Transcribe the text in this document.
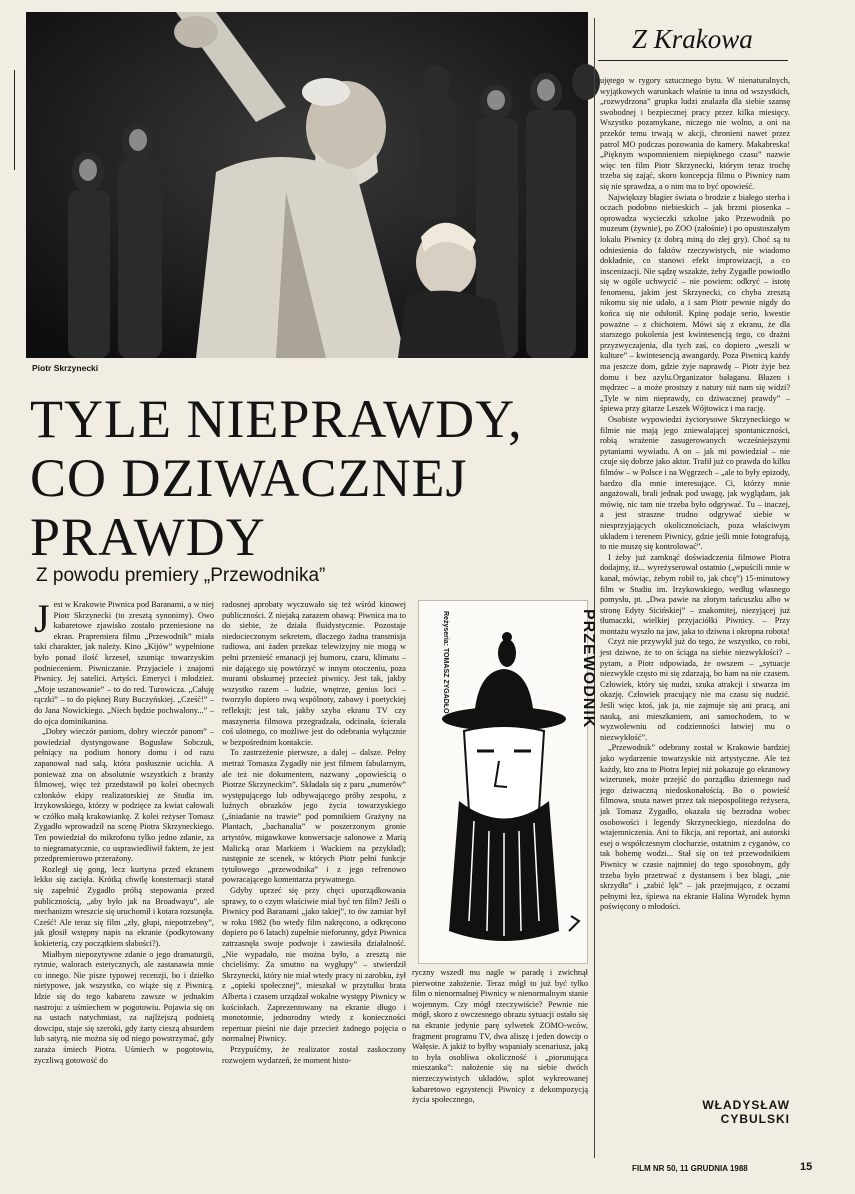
Piotr Skrzynecki
Z Krakowa
TYLE NIEPRAWDY,
CO DZIWACZNEJ
PRAWDY
Z powodu premiery „Przewodnika”

Jest w Krakowie Piwnica pod Baranami, a w niej Piotr Skrzynecki (to zresztą synonimy). Owo kabaretowe zjawisko zostało przeniesione na ekran. Prapremiera filmu „Przewodnik” miała taki charakter, jak należy. Kino „Kijów” wypełnione było ponad ilość krzeseł, szumiąc towarzyskim podnieceniem. Piwniczanie. Przyjaciele i znajomi Piwnicy. Jej satelici. Artyści. Emeryci i młodzież. „Moje uszanowanie” – to do red. Turowicza. „Całuję rączki” – to do pięknej Ruty Buczyńskiej. „Cześć!” – do Jana Nowickiego. „Niech będzie pochwalony...” – do ojca dominikanina.

„Dobry wieczór paniom, dobry wieczór panom” – powiedział dystyngowane Bogusław Sobczuk, pełniący na podium honory domu i od razu zapanował nad salą, która posłusznie ucichła. A ponieważ zna on absolutnie wszystkich z branży filmowej, więc też przedstawił po kolei obecnych członków ekipy realizatorskiej ze Studia im. Irzykowskiego, którzy w podzięce za kwiat całowali w czółko małą krakowiankę. Z kolei reżyser Tomasz Zygadło wprowadził na scenę Piotra Skrzyneckiego. Ten powiedział do mikrofonu tylko jedno zdanie, za to niegramatycznie, co usprawiedliwił faktem, że jest przedpremierowo przerażony.

Rozległ się gong, lecz kurtyna przed ekranem lekko się zacięła. Krótką chwilę konsternacji starał się zapełnić Zygadło próbą stepowania przed publicznością, „aby było jak na Broadwayu”, ale mechanizm wreszcie się uruchomił i kotara rozsunęła. Cześć! Ale teraz się film „zły, głupi, niepotrzebny”, jak głosił wstępny napis na ekranie (podkytowany kokieterią, czy początkiem słabości?).

Miałbym niepozytywne zdanie o jego dramaturgii, rytmie, walorach estetycznych, ale zastanawia mnie co innego. Nie pisze typowej recenzji, bo i dziełko nietypowe, jak wszystko, co wiąże się z Piwnicą. Idzie się do tego kabaretu zawsze w jednakim nastroju: z uśmiechem w pogotowiu. Pojawia się on na ustach natychmiast, za najlżejszą podnietą dowcipu, staje się szeroki, gdy żarty cieszą absurdem lub satyrą, nie można się od niego powstrzymać, gdy zaraża śmiech Piotra. Uśmiech w pogotowiu, życzliwą gotowość do

radosnej aprobaty wyczuwało się też wśród kinowej publiczności. Z niejaką zarazem obawą: Piwnica ma to do siebie, że działa fluidystycznie. Pozostaje niedocieczonym sekretem, dlaczego żadna transmisja radiowa, ani żaden przekaz telewizyjny nie mogą w pełni przenieść emanacji jej humoru, czaru, klimatu – nie dającego się powtórzyć w innym otoczeniu, poza murami obskurnej przecież piwnicy. Jest tak, jakby wszystko razem – ludzie, wnętrze, genius loci – tworzyło dopiero ową wspólnoty, zabawy i poetyckiej refleksji; jest tak, jakby szyba ekranu TV czy maszyneria filmowa przegradzała, odcinała, ścierała coś ulotnego, co możliwe jest do odebrania wyłącznie w bezpośrednim kontakcie.

To zastrzeżenie pierwsze, a dalej – dalsze. Pełny metraż Tomasza Zygadły nie jest filmem fabularnym, ale też nie dokumentem, nazwany „opowieścią o Piotrze Skrzyneckim”. Składała się z paru „numerów” występującego lub odbywającego próby zespołu, z luźnych obrazków jego życia towarzyskiego („śniadanie na trawie” pod pomnikiem Grażyny na Plantach, „bachanalia” w poszerzonym gronie artystów, migawkowe konwersacje salonowe z Marią Malicką oraz Markiem i Wackiem na przykład); następnie ze scenek, w których Piotr pełni funkcje tytułowego „przewodnika” i z jego refrenowo powracającego komentarza prywatnego.

Gdyby uprzeć się przy chęci uporządkowania sprawy, to o czym właściwie miał być ten film? Jeśli o Piwnicy pod Baranami „jako takiej”, to ów zamiar był w roku 1982 (bo wtedy film nakręcono, a odkręcono dopiero po 6 latach) zupełnie nieforunny, gdyż Piwnica zatrzasnęła swoje podwoje i zawiesiła działalność. „Nie wypadało, nie można było, a zresztą nie chcieliśmy. Za smutno na wygłupy” – stwierdził Skrzynecki, który nie miał wtedy pracy ni zarobku, żył z „opieki społecznej”, mieszkał w przytułku brata Alberta i czasem urządzał wokalne występy Piwnicy w kościołach. Zaprezentowany na ekranie długo i monotonnie, jednorodny wtedy z konieczności repertuar pieśni nie daje przecież żadnego pojęcia o normalnej Piwnicy.

Przypuśćmy, że realizator został zaskoczony rozwojem wydarzeń, że moment histo-

PRZEWODNIK
Reżyseria: TOMASZ ZYGADŁO

ryczny wszedł mu nagle w paradę i zwichnął pierwotne założenie. Teraz mógł to już być tylko film o nienormalnej Piwnicy w nienormalnym stanie wojennym. Czy mógł rzeczywiście? Pewnie nie mógł, skoro z owczesnego obrazu sytuacji ostało się na ekranie jedynie parę sylwetek ZOMO-wców, fragment programu TV, dwa aliszę i jeden dowcip o Wałęsie. A jakiż to byłby wspaniały scenariusz, jaką to była osobliwa okoliczność i „piorunująca mieszanka”: nałożenie się na siebie dwóch nierzeczywistych układów, splot wykreowanej kabaretowo egzystencji Piwnicy z dekompozycją życia społecznego,

ujętego w rygory sztucznego bytu. W nienaturalnych, wyjątkowych warunkach właśnie ta inna od wszystkich, „rozwydrzona” grupka ludzi znalazła dla siebie szansę swobodnej i bezpiecznej pracy przez kilka miesięcy. Wszystko pozamykane, niczego nie wolno, a oni na przekór temu trwają w akcji, chronieni nawet przez patrol MO podczas pozowania do kamery. Makabreska! „Pięknym wspomnieniem niepięknego czasu” nazwie więc ten film Piotr Skrzynecki, którym teraz trochę trzeba się zająć, skoro koncepcja filmu o Piwnicy nam się nie sprawdza, a o nim ma to być opowieść.

Największy błagier świata o brodzie z białego sterba i oczach podobno niebieskich – jak brzmi piosenka – oprowadza wycieczki szkolne jako Przewodnik po muzeum (żywnie), po ZOO (załośnie) i po opustoszałym lokalu Piwnicy (z dobrą miną do złej gry). Choć są tu odniesienia do faktów rzeczywistych, nie wiadomo dokładnie, co stanowi efekt improwizacji, a co inscenizacji. Nie sądzę wszakże, żeby Zygadle powiodło się w ogóle uchwycić – nie powiem: odkryć – istotę fenomenu, jakim jest Skrzynecki, co chyba zresztą nikomu się nie udało, a i sam Piotr pewnie nigdy do końca się nie odsłonił. Kpinę podaje serio, kwestie poważne – z chichotem. Mówi się z ekranu, że dla starszego pokolenia jest kwintesencją tego, co drażni przyzwyczajenia, dla tych zaś, co dopiero „weszli w kulture” – kwintesencją awangardy. Poza Piwnicą każdy ma jeszcze dom, gdzie żyje naprawdę – Piotr żyje bez domu i bez azylu.Organizator bałaganu. Błazen i mędrzec – a może prostszy z natury niż nam się widzi? „Tyle w nim nieprawdy, co dziwacznej prawdy” – śpiewa przy gitarze Leszek Wójtowicz i ma rację.

Osobiste wypowiedzi życiorysowe Skrzyneckiego w filmie nie mają jego zniewalającej spontaniczności, robią wrażenie zasugerowanych wcześniejszymi pytaniami wywiadu. A on – jak mi powiedział – nie czuje się dobrze jako aktor. Trafił już co prawda do kilku filmów – w Polsce i na Węgrzech – „ale to były epizody, bardzo dla mnie interesujące. Ci, którzy mnie angażowali, brali jednak pod uwagę, jak wyglądam, jak mówię, nic tam nie trzeba było odgrywać. Tu – inaczej, a jest straszne trudno odgrywać siebie w niesprzyjających okolicznościach, poza właściwym układem i terenem Piwnicy, gdzie jeśli mnie fotografują, to nie muszę się kontrolować”.

I żeby już zamknąć doświadczenia filmowe Piotra dodajmy, iż... wyreżyserował ostatnio („wpuścili mnie w kanał, mówiąc, żebym robił to, jak chcę”) 15-minutowy film w Studiu im. Irzykowskiego, według własnego pomysłu, pt. „Dwa pawie na złotym tańcuszku albo w stronę Edyty Sicińskiej” – znakomitej, niezyjącej już tłumaczki, wielkiej przyjaciółki Piwnicy. – Przy montażu wyszło na jaw, jaka to dziwna i okropna robota!

Czyż nie przywykł już do tego, że wszystko, co robi, jest dziwne, że to on ściąga na siebie niezwykłości? – pytam, a Piotr odpowiada, że owszem – „sytuacje niezwykłe często mi się zdarzają, bo ham na nie czasem. Człowiek, który się nudzi, szuka atrakcji i stwarza im okazję. Człowiek pracujący nie ma czasu się nudzić. Jeśli więc ktoś, jak ja, nie zajmuje się ani pracą, ani nauką, ani mieszkaniem, ani samochodem, to w wyzwolewniu od codzienności łatwiej mu o niezwykłość”.

„Przewodnik” odebrany został w Krakowie bardziej jako wydarzenie towarzyskie niż artystyczne. Ale też każdy, kto zna to Piotra lepiej niż pokazuje go ekranowy wizerunek, może przejść do porządku dziennego nad jego dziwaczną niedoskonałością. Bo o powieść filmowa, snuta nawet przez tak niepospolitego reżysera, jak Tomasz Zygadło, okazała się bezradna wobec osobowości i legendy Skrzyneckiego, niezdolna do wtajemniczenia. Ani to fikcja, ani reportaż, ani autorski esej o współczesnym clocharzie, ostatnim z cyganów, co tak bohemę wodzi... Stał się on też przewodnikiem Piwnicy w czasie najmniej do tego sposobnym, gdy trzeba było przetrwać z dystansem i bez blagi, „nie skrzydła” i „zabić lęk” – jak przejmująco, z oczami pełnymi łez, śpiewa na ekranie Halina Wyrodek hymn poświęcony o młodości.

WŁADYSŁAW
CYBULSKI
FILM NR 50, 11 GRUDNIA 1988	15
